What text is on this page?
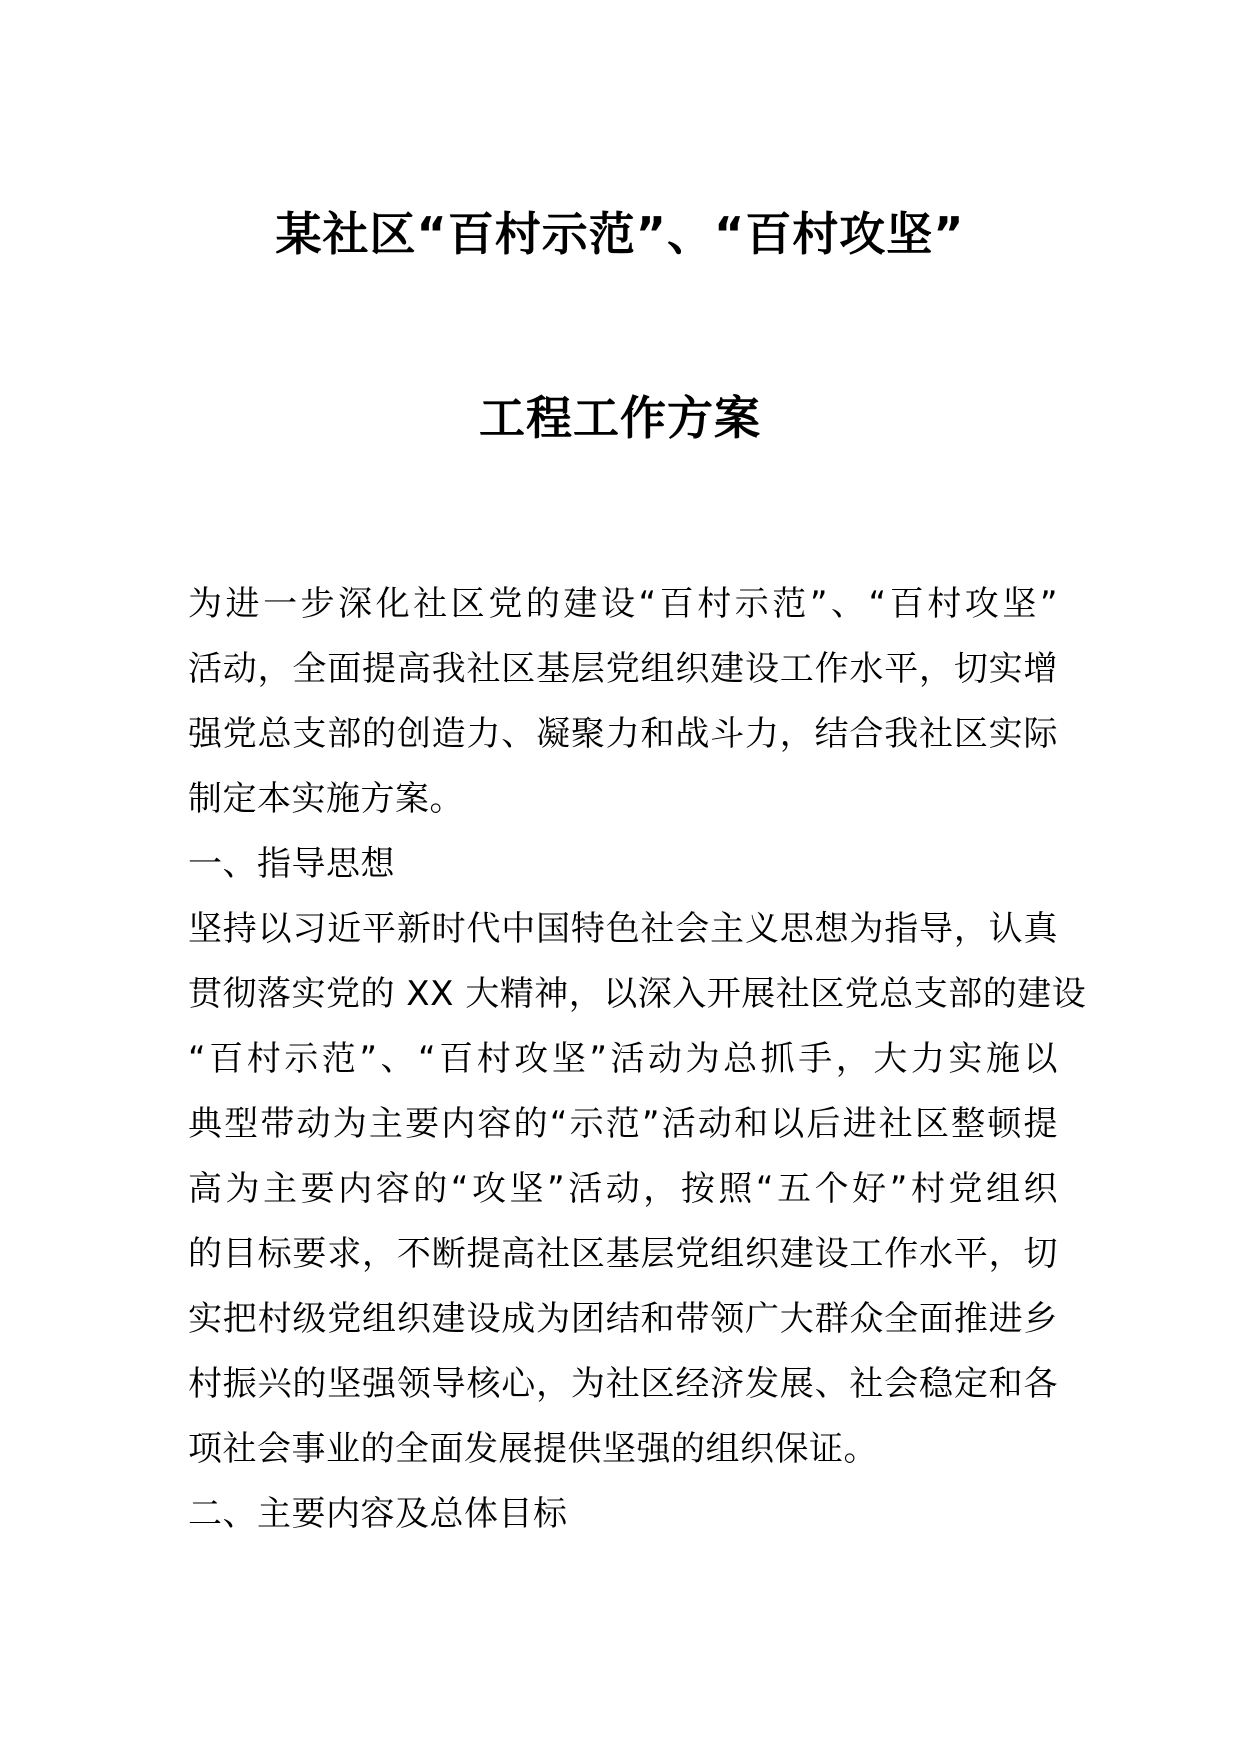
某社区“百村示范”、“百村攻坚”
工程工作方案
为进一步深化社区党的建设“百村示范”、“百村攻坚”
活动，全面提高我社区基层党组织建设工作水平，切实增
强党总支部的创造力、凝聚力和战斗力，结合我社区实际
制定本实施方案。
一、指导思想
坚持以习近平新时代中国特色社会主义思想为指导，认真
贯彻落实党的 XX 大精神，以深入开展社区党总支部的建设
“百村示范”、“百村攻坚”活动为总抓手，大力实施以
典型带动为主要内容的“示范”活动和以后进社区整顿提
高为主要内容的“攻坚”活动，按照“五个好”村党组织
的目标要求，不断提高社区基层党组织建设工作水平，切
实把村级党组织建设成为团结和带领广大群众全面推进乡
村振兴的坚强领导核心，为社区经济发展、社会稳定和各
项社会事业的全面发展提供坚强的组织保证。
二、主要内容及总体目标
